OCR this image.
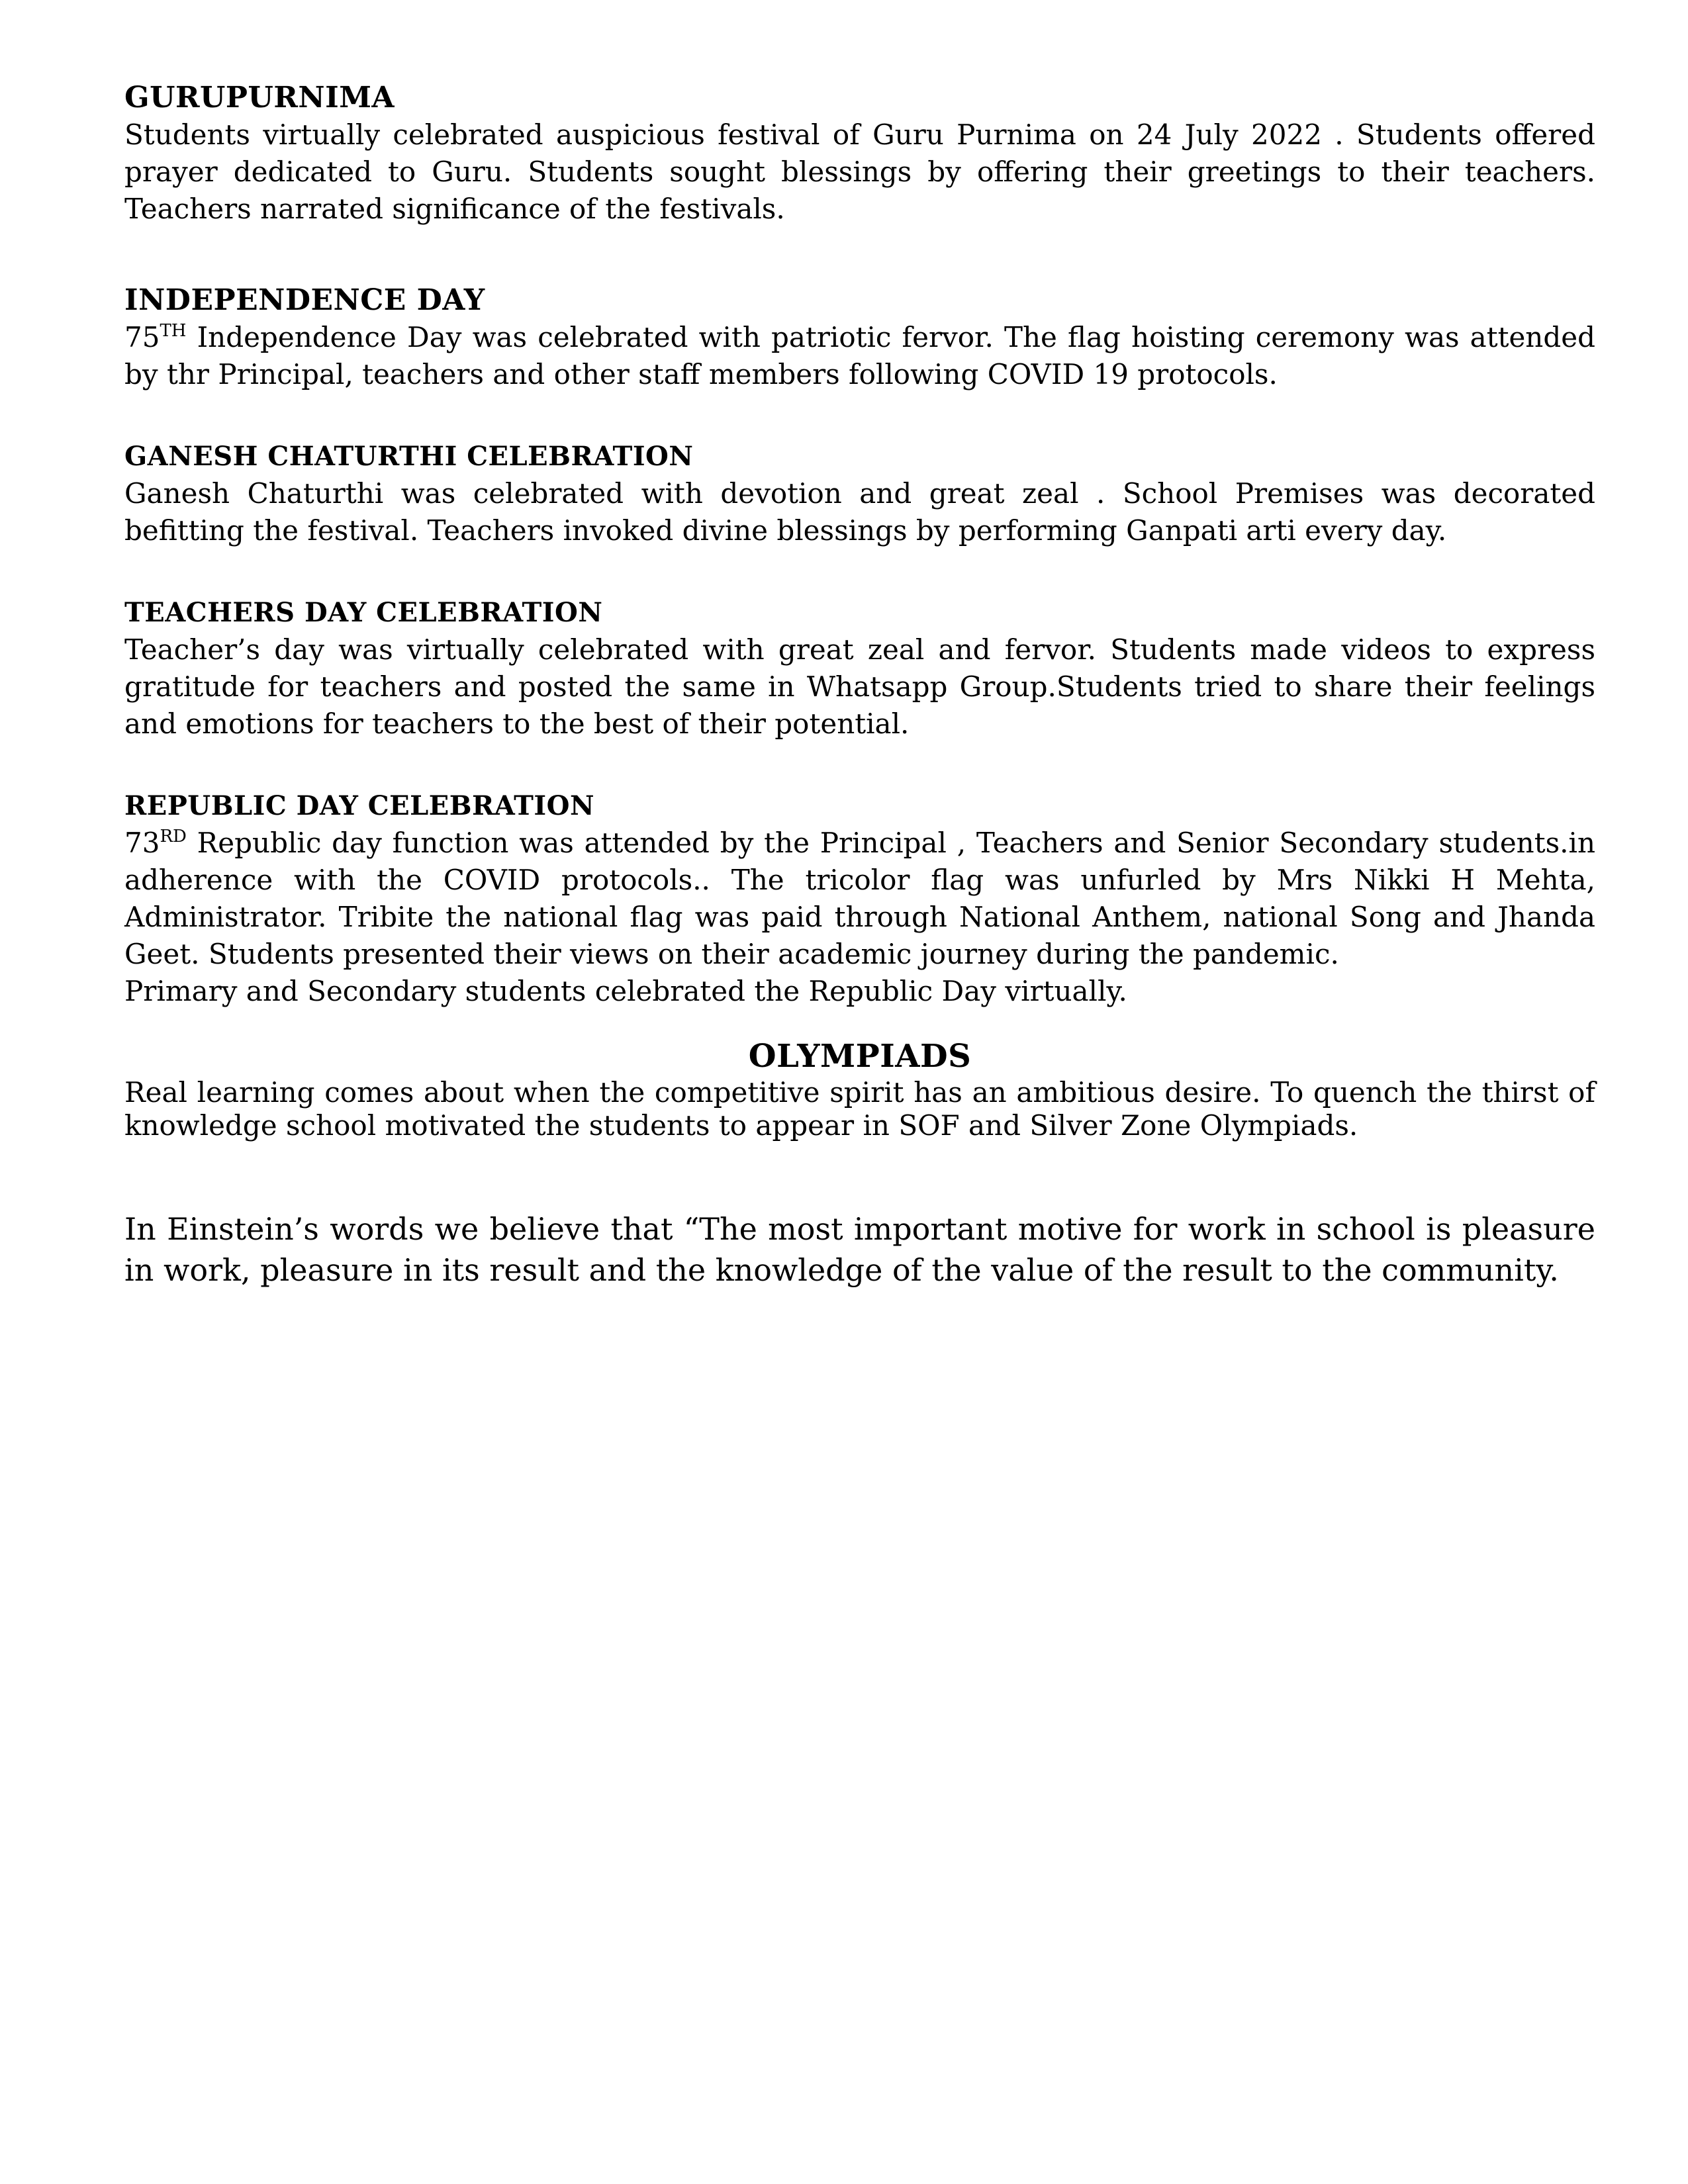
GURUPURNIMA

Students virtually celebrated auspicious festival of Guru Purnima on 24 July 2022 . Students offered prayer dedicated to Guru. Students sought blessings by offering their greetings to their teachers. Teachers narrated significance of the festivals.

INDEPENDENCE DAY

75TH Independence Day was celebrated with patriotic fervor. The flag hoisting ceremony was attended by thr Principal, teachers and other staff members following COVID 19 protocols.

GANESH CHATURTHI CELEBRATION

Ganesh Chaturthi was celebrated with devotion and great zeal . School Premises was decorated befitting the festival. Teachers invoked divine blessings by performing Ganpati arti every day.

TEACHERS DAY CELEBRATION

Teacher’s day was virtually celebrated with great zeal and fervor. Students made videos to express gratitude for teachers and posted the same in Whatsapp Group.Students tried to share their feelings and emotions for teachers to the best of their potential.

REPUBLIC DAY CELEBRATION

73RD Republic day function was attended by the Principal , Teachers and Senior Secondary students.in adherence with the COVID protocols.. The tricolor flag was unfurled by Mrs Nikki H Mehta, Administrator. Tribite the national flag was paid through National Anthem, national Song and Jhanda Geet. Students presented their views on their academic journey during the pandemic.

Primary and Secondary students celebrated the Republic Day virtually.

OLYMPIADS

Real learning comes about when the competitive spirit has an ambitious desire. To quench the thirst of knowledge school motivated the students to appear in SOF and Silver Zone Olympiads.

In Einstein’s words we believe that “The most important motive for work in school is pleasure in work, pleasure in its result and the knowledge of the value of the result to the community.
